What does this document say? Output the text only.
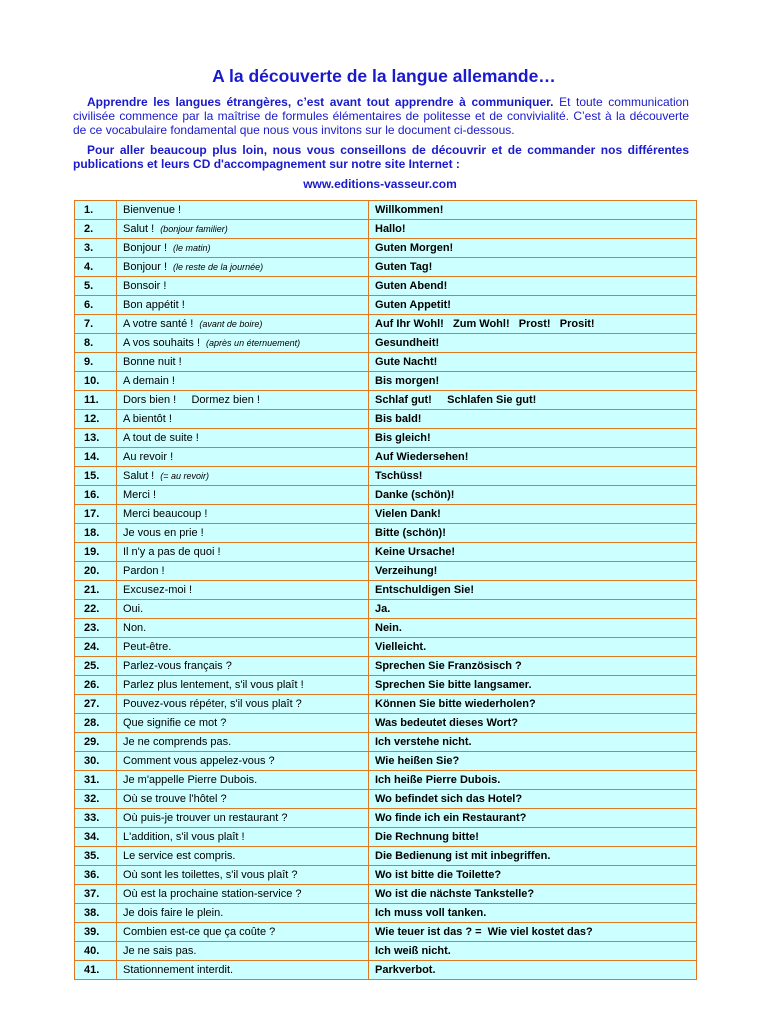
A la découverte de la langue allemande…

Apprendre les langues étrangères, c’est avant tout apprendre à communiquer. Et toute communication civilisée commence par la maîtrise de formules élémentaires de politesse et de convivialité. C’est à la découverte de ce vocabulaire fondamental que nous vous invitons sur le document ci-dessous.

Pour aller beaucoup plus loin, nous vous conseillons de découvrir et de commander nos différentes publications et leurs CD d'accompagnement sur notre site Internet :

www.editions-vasseur.com
1.	Bienvenue !	Willkommen!
2.	Salut ! (bonjour familier)	Hallo!
3.	Bonjour ! (le matin)	Guten Morgen!
4.	Bonjour ! (le reste de la journée)	Guten Tag!
5.	Bonsoir !	Guten Abend!
6.	Bon appétit !	Guten Appetit!
7.	A votre santé ! (avant de boire)	Auf Ihr Wohl!   Zum Wohl!   Prost!   Prosit!
8.	A vos souhaits ! (après un éternuement)	Gesundheit!
9.	Bonne nuit !	Gute Nacht!
10.	A demain !	Bis morgen!
11.	Dors bien !     Dormez bien !	Schlaf gut!     Schlafen Sie gut!
12.	A bientôt !	Bis bald!
13.	A tout de suite !	Bis gleich!
14.	Au revoir !	Auf Wiedersehen!
15.	Salut ! (= au revoir)	Tschüss!
16.	Merci !	Danke (schön)!
17.	Merci beaucoup !	Vielen Dank!
18.	Je vous en prie !	Bitte (schön)!
19.	Il n'y a pas de quoi !	Keine Ursache!
20.	Pardon !	Verzeihung!
21.	Excusez-moi !	Entschuldigen Sie!
22.	Oui.	Ja.
23.	Non.	Nein.
24.	Peut-être.	Vielleicht.
25.	Parlez-vous français ?	Sprechen Sie Französisch ?
26.	Parlez plus lentement, s'il vous plaît !	Sprechen Sie bitte langsamer.
27.	Pouvez-vous répéter, s'il vous plaît ?	Können Sie bitte wiederholen?
28.	Que signifie ce mot ?	Was bedeutet dieses Wort?
29.	Je ne comprends pas.	Ich verstehe nicht.
30.	Comment vous appelez-vous ?	Wie heißen Sie?
31.	Je m'appelle Pierre Dubois.	Ich heiße Pierre Dubois.
32.	Où se trouve l'hôtel ?	Wo befindet sich das Hotel?
33.	Où puis-je trouver un restaurant ?	Wo finde ich ein Restaurant?
34.	L'addition, s'il vous plaît !	Die Rechnung bitte!
35.	Le service est compris.	Die Bedienung ist mit inbegriffen.
36.	Où sont les toilettes, s'il vous plaît ?	Wo ist bitte die Toilette?
37.	Où est la prochaine station-service ?	Wo ist die nächste Tankstelle?
38.	Je dois faire le plein.	Ich muss voll tanken.
39.	Combien est-ce que ça coûte ?	Wie teuer ist das ? =  Wie viel kostet das?
40.	Je ne sais pas.	Ich weiß nicht.
41.	Stationnement interdit.	Parkverbot.
